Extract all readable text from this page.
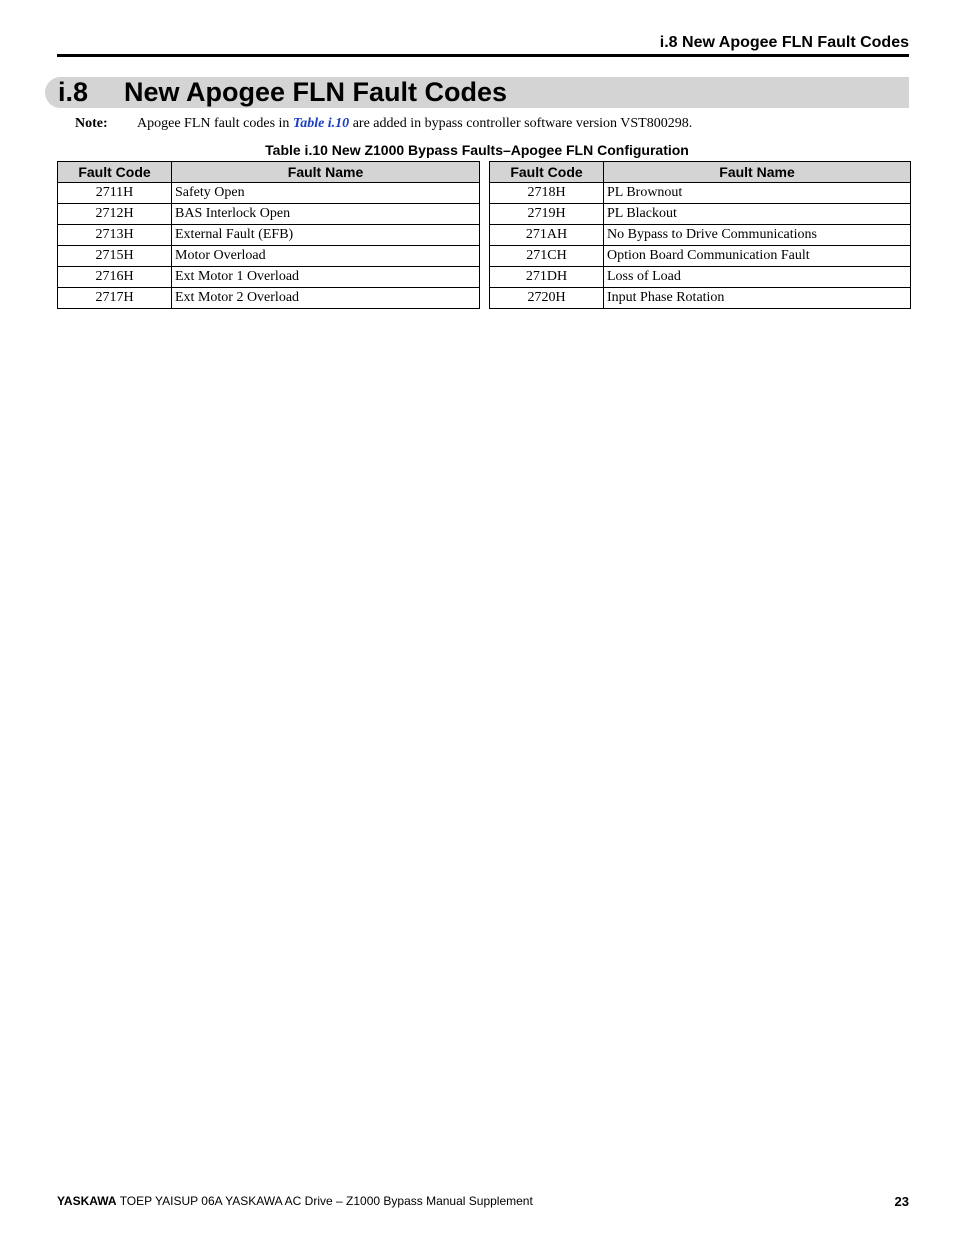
i.8 New Apogee FLN Fault Codes
i.8 New Apogee FLN Fault Codes
Note: Apogee FLN fault codes in Table i.10 are added in bypass controller software version VST800298.
Table i.10 New Z1000 Bypass Faults–Apogee FLN Configuration
Fault Code	Fault Name
2711H	Safety Open
2712H	BAS Interlock Open
2713H	External Fault (EFB)
2715H	Motor Overload
2716H	Ext Motor 1 Overload
2717H	Ext Motor 2 Overload
Fault Code	Fault Name
2718H	PL Brownout
2719H	PL Blackout
271AH	No Bypass to Drive Communications
271CH	Option Board Communication Fault
271DH	Loss of Load
2720H	Input Phase Rotation
YASKAWA TOEP YAISUP 06A YASKAWA AC Drive – Z1000 Bypass Manual Supplement	23
